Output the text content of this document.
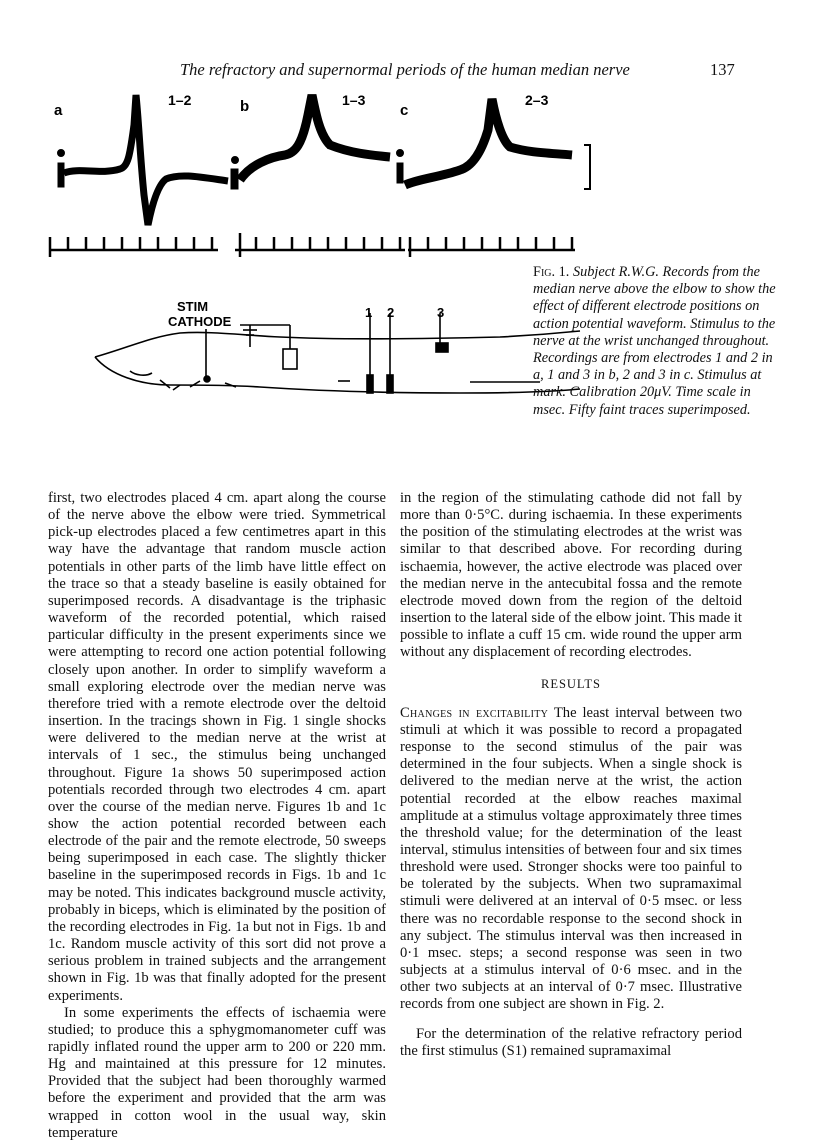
The refractory and supernormal periods of the human median nerve	137
a
1–2	b	1–3
c
2–3
STIM
CATHODE
1 2	3
Fig. 1. Subject R.W.G. Records from the median nerve above the elbow to show the effect of different electrode positions on action potential waveform. Stimulus to the nerve at the wrist unchanged throughout. Recordings are from electrodes 1 and 2 in a, 1 and 3 in b, 2 and 3 in c. Stimulus at mark. Calibration 20μV. Time scale in msec. Fifty faint traces superimposed.

first, two electrodes placed 4 cm. apart along the course of the nerve above the elbow were tried. Symmetrical pick-up electrodes placed a few centimetres apart in this way have the advantage that random muscle action potentials in other parts of the limb have little effect on the trace so that a steady baseline is easily obtained for superimposed records. A disadvantage is the triphasic waveform of the recorded potential, which raised particular difficulty in the present experiments since we were attempting to record one action potential following closely upon another. In order to simplify waveform a small exploring electrode over the median nerve was therefore tried with a remote electrode over the deltoid insertion. In the tracings shown in Fig. 1 single shocks were delivered to the median nerve at the wrist at intervals of 1 sec., the stimulus being unchanged throughout. Figure 1a shows 50 superimposed action potentials recorded through two electrodes 4 cm. apart over the course of the median nerve. Figures 1b and 1c show the action potential recorded between each electrode of the pair and the remote electrode, 50 sweeps being superimposed in each case. The slightly thicker baseline in the superimposed records in Figs. 1b and 1c may be noted. This indicates background muscle activity, probably in biceps, which is eliminated by the position of the recording electrodes in Fig. 1a but not in Figs. 1b and 1c. Random muscle activity of this sort did not prove a serious problem in trained subjects and the arrangement shown in Fig. 1b was that finally adopted for the present experiments.

In some experiments the effects of ischaemia were studied; to produce this a sphygmomanometer cuff was rapidly inflated round the upper arm to 200 or 220 mm. Hg and maintained at this pressure for 12 minutes. Provided that the subject had been thoroughly warmed before the experiment and provided that the arm was wrapped in cotton wool in the usual way, skin temperature

in the region of the stimulating cathode did not fall by more than 0·5°C. during ischaemia. In these experiments the position of the stimulating electrodes at the wrist was similar to that described above. For recording during ischaemia, however, the active electrode was placed over the median nerve in the antecubital fossa and the remote electrode moved down from the region of the deltoid insertion to the lateral side of the elbow joint. This made it possible to inflate a cuff 15 cm. wide round the upper arm without any displacement of recording electrodes.

RESULTS

Changes in excitability The least interval between two stimuli at which it was possible to record a propagated response to the second stimulus of the pair was determined in the four subjects. When a single shock is delivered to the median nerve at the wrist, the action potential recorded at the elbow reaches maximal amplitude at a stimulus voltage approximately three times the threshold value; for the determination of the least interval, stimulus intensities of between four and six times threshold were used. Stronger shocks were too painful to be tolerated by the subjects. When two supramaximal stimuli were delivered at an interval of 0·5 msec. or less there was no recordable response to the second shock in any subject. The stimulus interval was then increased in 0·1 msec. steps; a second response was seen in two subjects at a stimulus interval of 0·6 msec. and in the other two subjects at an interval of 0·7 msec. Illustrative records from one subject are shown in Fig. 2.

For the determination of the relative refractory period the first stimulus (S1) remained supramaximal
